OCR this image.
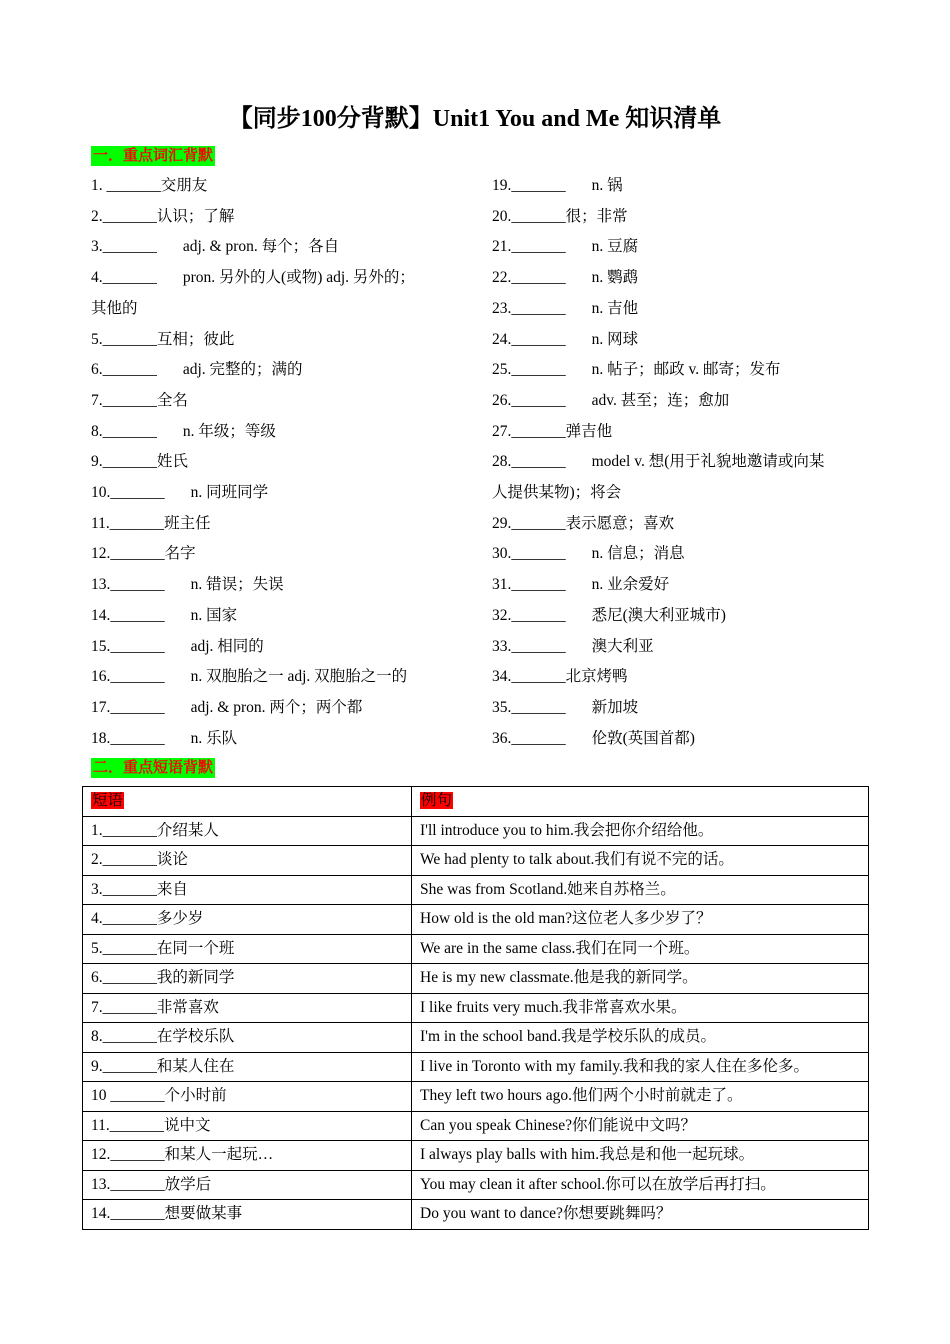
【同步100分背默】Unit1 You and Me 知识清单
一．重点词汇背默
1. _______交朋友
2._______认识；了解
3._______ adj. & pron. 每个；各自
4._______ pron. 另外的人(或物) adj. 另外的；
其他的
5._______互相；彼此
6._______ adj. 完整的；满的
7._______全名
8._______ n. 年级；等级
9._______姓氏
10._______ n. 同班同学
11._______班主任
12._______名字
13._______ n. 错误；失误
14._______ n. 国家
15._______ adj. 相同的
16._______ n. 双胞胎之一 adj. 双胞胎之一的
17._______ adj. & pron. 两个；两个都
18._______ n. 乐队
19._______ n. 锅
20._______很；非常
21._______ n. 豆腐
22._______ n. 鹦鹉
23._______ n. 吉他
24._______ n. 网球
25._______ n. 帖子；邮政 v. 邮寄；发布
26._______ adv. 甚至；连；愈加
27._______弹吉他
28._______ model v. 想(用于礼貌地邀请或向某
人提供某物)；将会
29._______表示愿意；喜欢
30._______ n. 信息；消息
31._______ n. 业余爱好
32._______ 悉尼(澳大利亚城市)
33._______ 澳大利亚
34._______北京烤鸭
35._______ 新加坡
36._______ 伦敦(英国首都)
二．重点短语背默
短语	例句
1._______介绍某人	I'll introduce you to him.我会把你介绍给他。
2._______谈论	We had plenty to talk about.我们有说不完的话。
3._______来自	She was from Scotland.她来自苏格兰。
4._______多少岁	How old is the old man?这位老人多少岁了？
5._______在同一个班	We are in the same class.我们在同一个班。
6._______我的新同学	He is my new classmate.他是我的新同学。
7._______非常喜欢	I like fruits very much.我非常喜欢水果。
8._______在学校乐队	I'm in the school band.我是学校乐队的成员。
9._______和某人住在	I live in Toronto with my family.我和我的家人住在多伦多。
10 _______个小时前	They left two hours ago.他们两个小时前就走了。
11._______说中文	Can you speak Chinese?你们能说中文吗？
12._______和某人一起玩…	I always play balls with him.我总是和他一起玩球。
13._______放学后	You may clean it after school.你可以在放学后再打扫。
14._______想要做某事	Do you want to dance?你想要跳舞吗？
